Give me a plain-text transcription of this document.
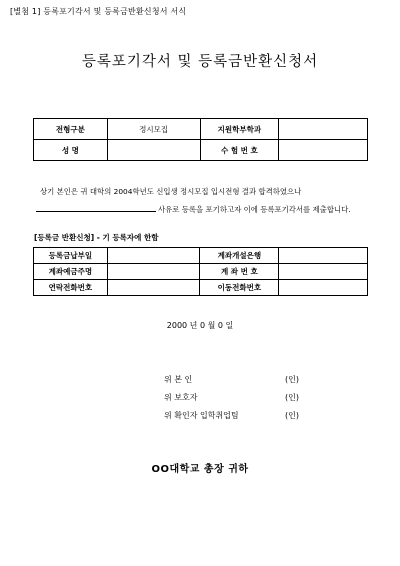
[별첨 1] 등록포기각서 및 등록금반환신청서 서식
등록포기각서 및 등록금반환신청서
전형구분	정시모집	지원학부학과	
성 명		수 험 번 호	
상기 본인은 귀 대학의 2004학년도 신입생 정시모집 입시전형 결과 합격하였으나
사유로 등록을 포기하고자 이에 등록포기각서를 제출합니다.
[등록금 반환신청] - 기 등록자에 한함
등록금납부일		계좌개설은행	
계좌예금주명		계 좌 번 호	
연락전화번호		이동전화번호	
2000 년 0 월 0 일
위 본 인	(인)
위 보호자	(인)
위 확인자 입학취업팀	(인)
OO대학교 총장 귀하
